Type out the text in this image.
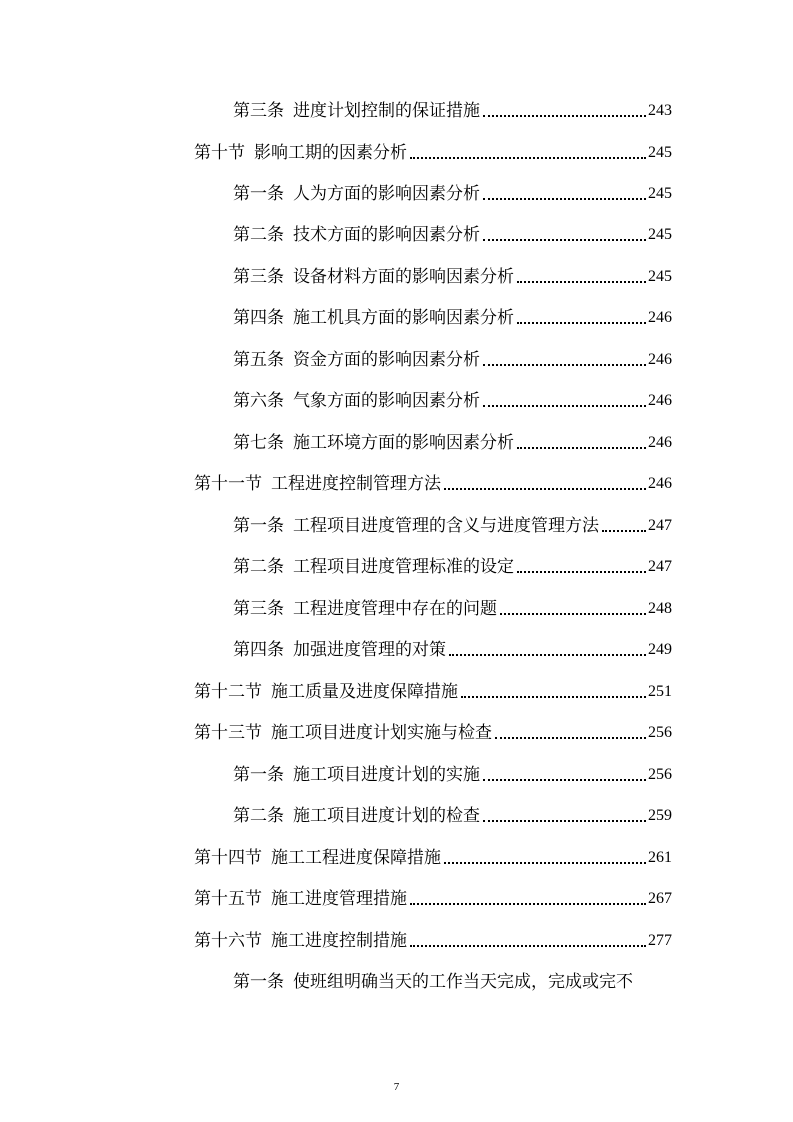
第三条 进度计划控制的保证措施	243
第十节 影响工期的因素分析	245
第一条 人为方面的影响因素分析	245
第二条 技术方面的影响因素分析	245
第三条 设备材料方面的影响因素分析	245
第四条 施工机具方面的影响因素分析	246
第五条 资金方面的影响因素分析	246
第六条 气象方面的影响因素分析	246
第七条 施工环境方面的影响因素分析	246
第十一节 工程进度控制管理方法	246
第一条 工程项目进度管理的含义与进度管理方法	247
第二条 工程项目进度管理标准的设定	247
第三条 工程进度管理中存在的问题	248
第四条 加强进度管理的对策	249
第十二节 施工质量及进度保障措施	251
第十三节 施工项目进度计划实施与检查	256
第一条 施工项目进度计划的实施	256
第二条 施工项目进度计划的检查	259
第十四节 施工工程进度保障措施	261
第十五节 施工进度管理措施	267
第十六节 施工进度控制措施	277
第一条 使班组明确当天的工作当天完成，完成或完不
7
